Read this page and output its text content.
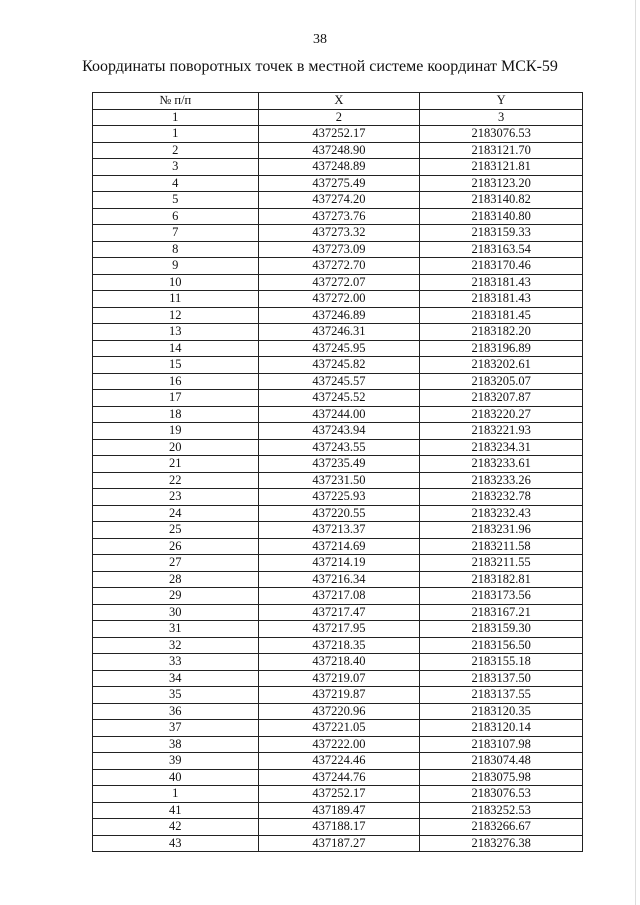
38
Координаты поворотных точек в местной системе координат МСК-59
№ п/п	X	Y
1	2	3
1	437252.17	2183076.53
2	437248.90	2183121.70
3	437248.89	2183121.81
4	437275.49	2183123.20
5	437274.20	2183140.82
6	437273.76	2183140.80
7	437273.32	2183159.33
8	437273.09	2183163.54
9	437272.70	2183170.46
10	437272.07	2183181.43
11	437272.00	2183181.43
12	437246.89	2183181.45
13	437246.31	2183182.20
14	437245.95	2183196.89
15	437245.82	2183202.61
16	437245.57	2183205.07
17	437245.52	2183207.87
18	437244.00	2183220.27
19	437243.94	2183221.93
20	437243.55	2183234.31
21	437235.49	2183233.61
22	437231.50	2183233.26
23	437225.93	2183232.78
24	437220.55	2183232.43
25	437213.37	2183231.96
26	437214.69	2183211.58
27	437214.19	2183211.55
28	437216.34	2183182.81
29	437217.08	2183173.56
30	437217.47	2183167.21
31	437217.95	2183159.30
32	437218.35	2183156.50
33	437218.40	2183155.18
34	437219.07	2183137.50
35	437219.87	2183137.55
36	437220.96	2183120.35
37	437221.05	2183120.14
38	437222.00	2183107.98
39	437224.46	2183074.48
40	437244.76	2183075.98
1	437252.17	2183076.53
41	437189.47	2183252.53
42	437188.17	2183266.67
43	437187.27	2183276.38
